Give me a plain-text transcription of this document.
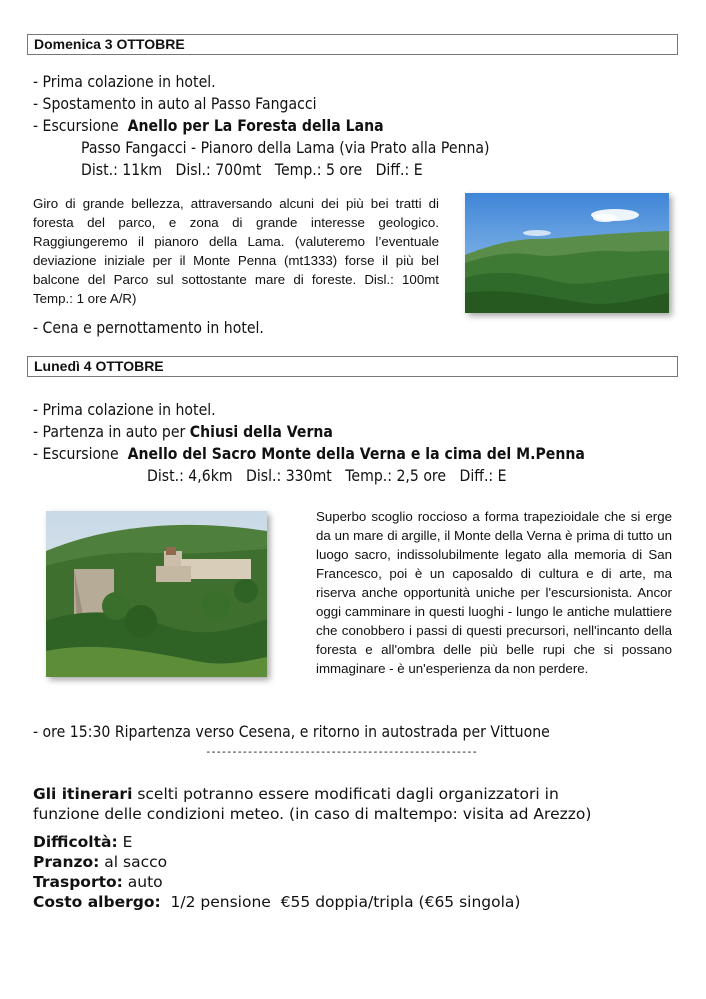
Domenica 3 OTTOBRE
- Prima colazione in hotel.
- Spostamento in auto al Passo Fangacci
- Escursione  Anello per La Foresta della Lana
Passo Fangacci - Pianoro della Lama (via Prato alla Penna)
Dist.: 11km   Disl.: 700mt   Temp.: 5 ore   Diff.: E
Giro di grande bellezza, attraversando alcuni dei più bei tratti di foresta del parco, e zona di grande interesse geologico. Raggiungeremo il pianoro della Lama. (valuteremo l’eventuale deviazione iniziale per il Monte Penna (mt1333) forse il più bel balcone del Parco sul sottostante mare di foreste. Disl.: 100mt Temp.: 1 ore A/R)
- Cena e pernottamento in hotel.
Lunedì 4 OTTOBRE
- Prima colazione in hotel.
- Partenza in auto per Chiusi della Verna
- Escursione  Anello del Sacro Monte della Verna e la cima del M.Penna
Dist.: 4,6km   Disl.: 330mt   Temp.: 2,5 ore   Diff.: E
Superbo scoglio roccioso a forma trapezioidale che si erge da un mare di argille, il Monte della Verna è prima di tutto un luogo sacro, indissolubilmente legato alla memoria di San Francesco, poi è un caposaldo di cultura e di arte, ma riserva anche opportunità uniche per l'escursionista. Ancor oggi camminare in questi luoghi - lungo le antiche mulattiere che conobbero i passi di questi precursori, nell'incanto della foresta e all'ombra delle più belle rupi che si possano immaginare - è un'esperienza da non perdere.
- ore 15:30 Ripartenza verso Cesena, e ritorno in autostrada per Vittuone
----------------------------------------------------
Gli itinerari scelti potranno essere modificati dagli organizzatori in
funzione delle condizioni meteo. (in caso di maltempo: visita ad Arezzo)
Difficoltà: E
Pranzo: al sacco
Trasporto: auto
Costo albergo:  1/2 pensione  €55 doppia/tripla (€65 singola)
